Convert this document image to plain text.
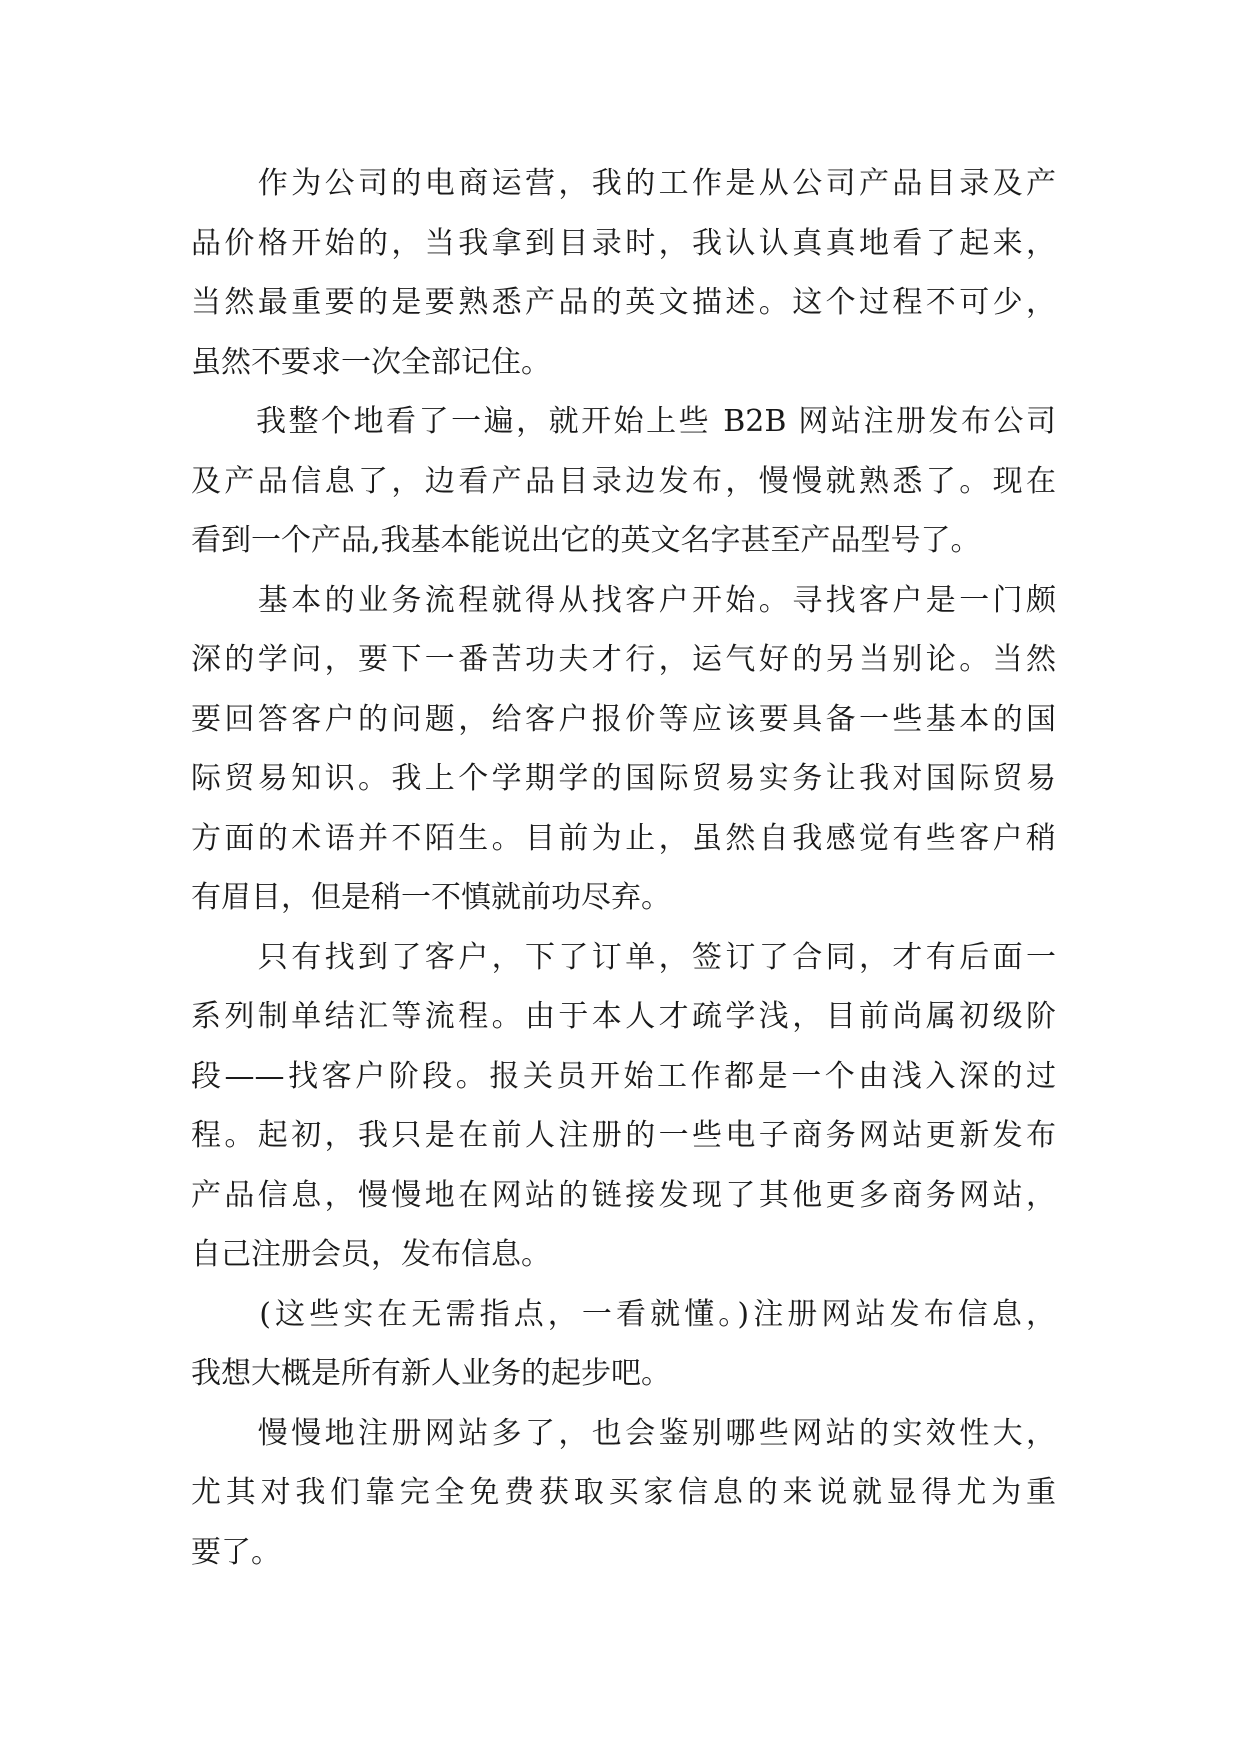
　　作为公司的电商运营，我的工作是从公司产品目录及产
品价格开始的，当我拿到目录时，我认认真真地看了起来，
当然最重要的是要熟悉产品的英文描述。这个过程不可少，
虽然不要求一次全部记住。
　　我整个地看了一遍，就开始上些 B2B 网站注册发布公司
及产品信息了，边看产品目录边发布，慢慢就熟悉了。现在
看到一个产品,我基本能说出它的英文名字甚至产品型号了。
　　基本的业务流程就得从找客户开始。寻找客户是一门颇
深的学问，要下一番苦功夫才行，运气好的另当别论。当然
要回答客户的问题，给客户报价等应该要具备一些基本的国
际贸易知识。我上个学期学的国际贸易实务让我对国际贸易
方面的术语并不陌生。目前为止，虽然自我感觉有些客户稍
有眉目，但是稍一不慎就前功尽弃。
　　只有找到了客户，下了订单，签订了合同，才有后面一
系列制单结汇等流程。由于本人才疏学浅，目前尚属初级阶
段——找客户阶段。报关员开始工作都是一个由浅入深的过
程。起初，我只是在前人注册的一些电子商务网站更新发布
产品信息，慢慢地在网站的链接发现了其他更多商务网站，
自己注册会员，发布信息。
　　(这些实在无需指点，一看就懂。)注册网站发布信息，
我想大概是所有新人业务的起步吧。
　　慢慢地注册网站多了，也会鉴别哪些网站的实效性大，
尤其对我们靠完全免费获取买家信息的来说就显得尤为重
要了。
